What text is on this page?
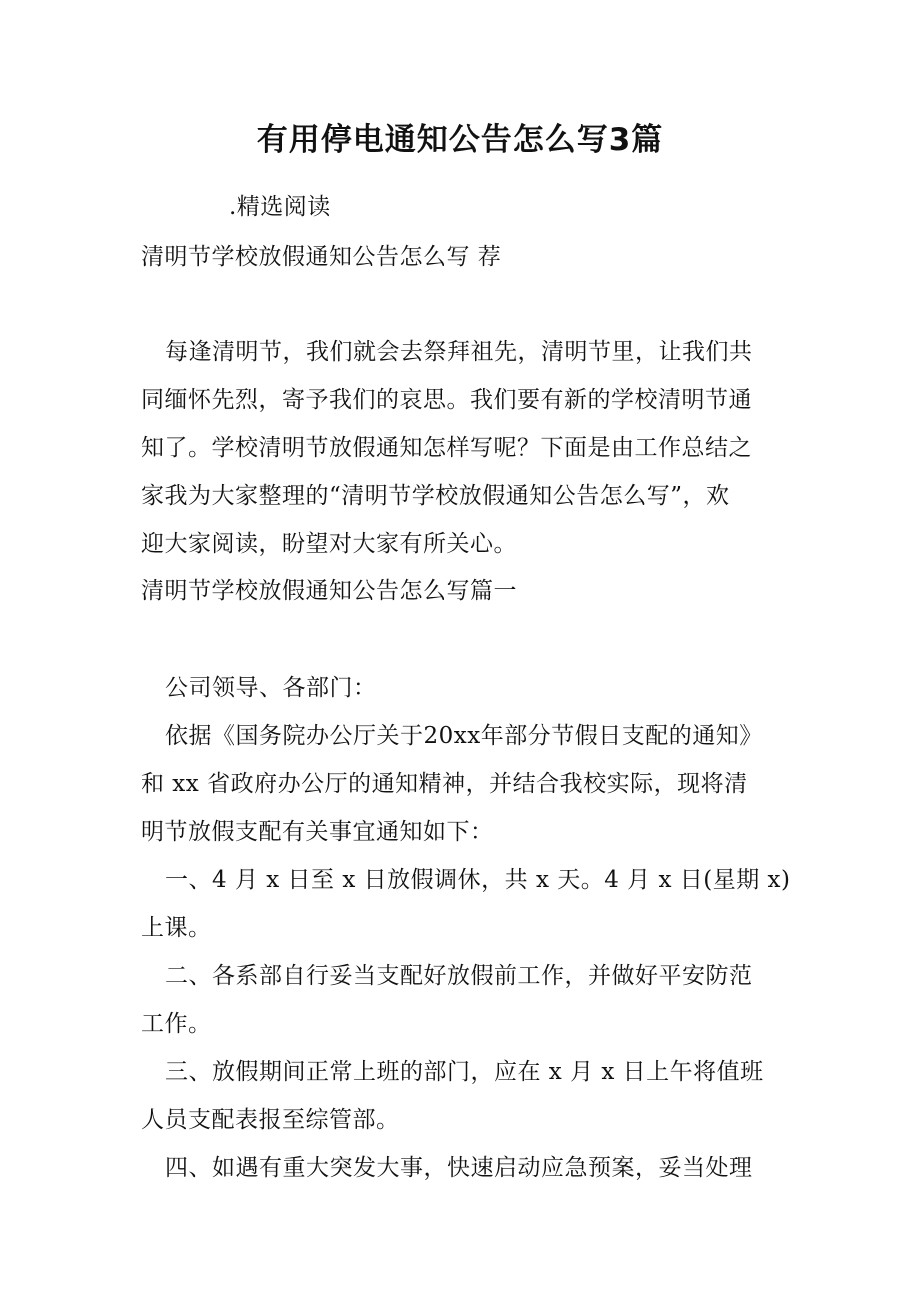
有用停电通知公告怎么写3篇

.精选阅读

清明节学校放假通知公告怎么写 荐

每逢清明节，我们就会去祭拜祖先，清明节里，让我们共

同缅怀先烈，寄予我们的哀思。我们要有新的学校清明节通

知了。学校清明节放假通知怎样写呢？下面是由工作总结之

家我为大家整理的“清明节学校放假通知公告怎么写”，欢

迎大家阅读，盼望对大家有所关心。

清明节学校放假通知公告怎么写篇一

公司领导、各部门：

依据《国务院办公厅关于20xx年部分节假日支配的通知》

和 xx 省政府办公厅的通知精神，并结合我校实际，现将清

明节放假支配有关事宜通知如下：

一、4 月 x 日至 x 日放假调休，共 x 天。4 月 x 日(星期 x)

上课。

二、各系部自行妥当支配好放假前工作，并做好平安防范

工作。

三、放假期间正常上班的部门，应在 x 月 x 日上午将值班

人员支配表报至综管部。

四、如遇有重大突发大事，快速启动应急预案，妥当处理
